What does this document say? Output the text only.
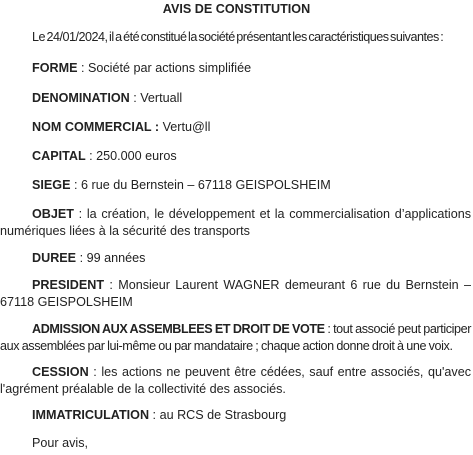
AVIS DE CONSTITUTION

Le 24/01/2024, il a été constitué la société présentant les caractéristiques suivantes :

FORME : Société par actions simplifiée

DENOMINATION : Vertuall

NOM COMMERCIAL : Vertu@ll

CAPITAL : 250.000 euros

SIEGE : 6 rue du Bernstein – 67118 GEISPOLSHEIM

OBJET : la création, le développement et la commercialisation d’applications numériques liées à la sécurité des transports

DUREE : 99 années

PRESIDENT : Monsieur Laurent WAGNER demeurant 6 rue du Bernstein – 67118 GEISPOLSHEIM

ADMISSION AUX ASSEMBLEES ET DROIT DE VOTE : tout associé peut participer aux assemblées par lui-même ou par mandataire ; chaque action donne droit à une voix.

CESSION : les actions ne peuvent être cédées, sauf entre associés, qu'avec l'agrément préalable de la collectivité des associés.

IMMATRICULATION : au RCS de Strasbourg

Pour avis,
